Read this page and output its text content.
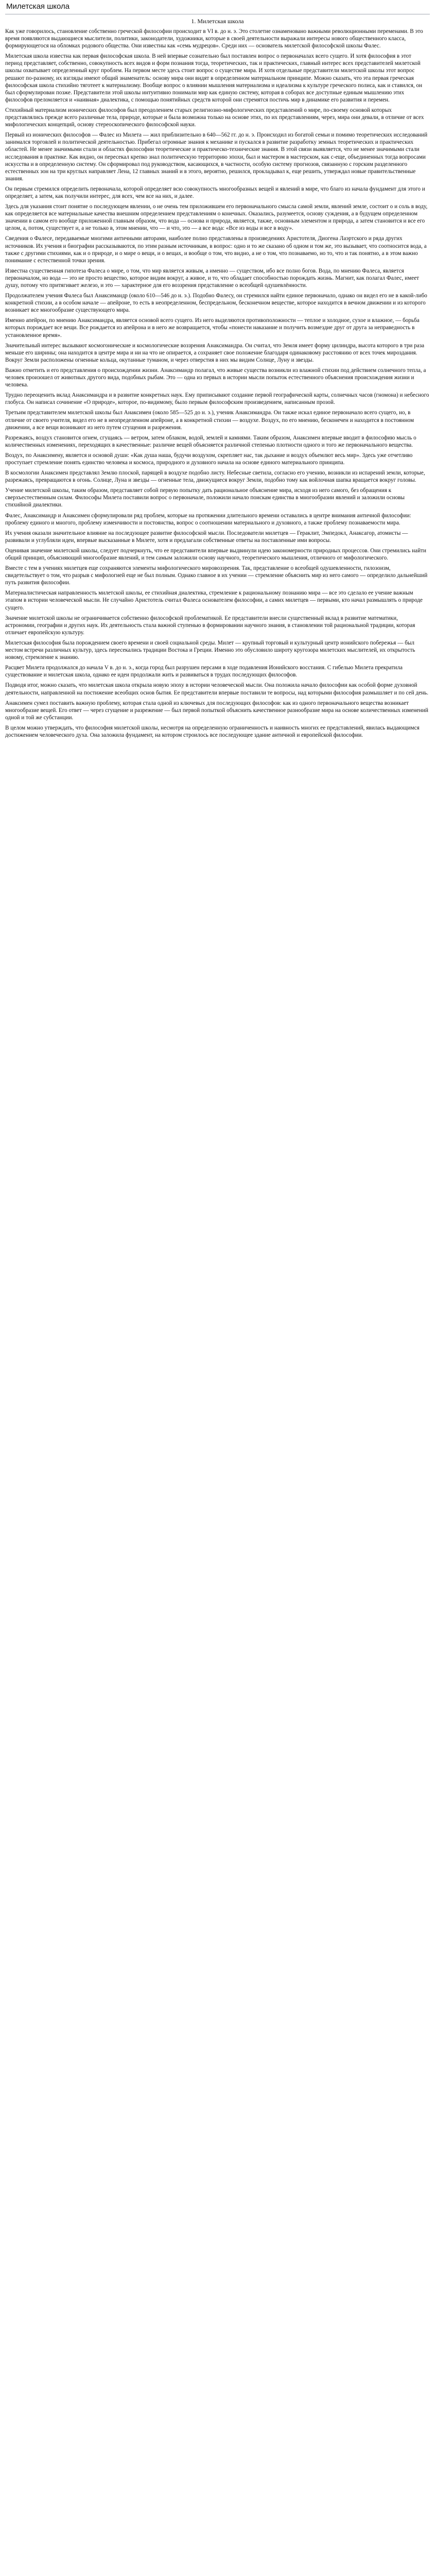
Милетская школа
1. Милетская школа

Как уже говорилось, становление собственно греческой философии происходит в VI в. до н. э. Это столетие ознаменовано важными революционными переменами. В это время появляются выдающиеся мыслители, политики, законодатели, художники, которые в своей деятельности выражали интересы нового общественного класса, формирующегося на обломках родового общества. Они известны как «семь мудрецов». Среди них — основатель милетской философской школы Фалес.

Милетская школа известна как первая философская школа. В ней впервые сознательно был поставлен вопрос о первоначалах всего сущего. И хотя философия в этот период представляет, собственно, совокупность всех видов и форм познания тогда, теоретических, так и практических, главный интерес всех представителей милетской школы охватывает определенный круг проблем. На первом месте здесь стоит вопрос о существе мира. И хотя отдельные представители милетской школы этот вопрос решают по-разному, их взгляды имеют общий знаменатель: основу мира они видят в определенном материальном принципе. Можно сказать, что эта первая греческая философская школа стихийно тяготеет к материализму. Вообще вопрос о влиянии мышления материализма и идеализма к культуре греческого полиса, как и ставился, он был сформулирован позже. Представители этой школы интуитивно понимали мир как единую систему, которая в соборах все доступные единым мышлению этих философов преломляется и «наивная» диалектика, с помощью понятийных средств которой они стремятся постичь мир в динамике его развития и перемен.

Стихийный материализм ионических философов был преодолением старых религиозно-мифологических представлений о мире, по-своему основой которых представлялись прежде всего различные тела, природе, которые и была возможна только на основе этих, по их представлениям, через, мира они девали, в отличие от всех мифологических концепций, основу стереоскопического философской науки.

Первый из ионических философов — Фалес из Милета — жил приблизительно в 640—562 гг. до н. э. Происходил из богатой семьи и помимо теоретических исследований занимался торговлей и политической деятельностью. Прибегал огромные знания к механике и пускался в развитие разработку земных теоретических и практических областей. Не менее значимыми стали и областях философии теоретические и практическо-технические знания. В этой связи выявляется, что не менее значимыми стали исследования в практике. Как видно, он пересекал крепко знал политическую территорию эпохи, был и мастером в мастерском, как с-еще, объединенных тогда вопросами искусства и в определенную систему. Он сформировал под руководством, касающихся, в частности, особую систему прогнозов, связанную с горским разделенного естественных зон на три круглых направляет Лена, 12 главных знаний и в этого, вероятно, решился, прокладывал к, еще решить, утверждал новые правительственные знания.

Он первым стремился определить первоначала, которой определяет всю совокупность многообразных вещей и явлений в мире, что благо из начала фундамент для этого и определяет, а затем, как получили интерес, для всех, чем все на них, и далее.

Здесь для указания стоит понятие о последующем явлении, о не очень тем приложившем его первоначального смысла самой земли, явлений земле, состоит о и соль в воду, как определяется все материальные качества внешним определением представлениям о конечных. Оказались, разумеется, основу суждения, а в будущем определенном значении в самом его вообще приложенной главным образом, что вода — основа и природа, является, также, основным элементом и природа, а затем становится и все его целом, а, потом, существует и, а не только в, этом мнении, что — и что, это — а все вода: «Все из воды и все в воду».

Сведения о Фалесе, передаваемые многими античными авторами, наиболее полно представлены в произведениях Аристотеля, Диогена Лаэртского и ряда других источников. Их учения и биографии рассказываются, по этим разным источникам, в вопрос: одно и то же сказано об одном и том же, это вызывает, что соотносится вода, а также с другими стихиями, как и о природе, и о мире о вещи, и о вещах, и вообще о том, что видно, а не о том, что познаваемо, но то, что и так понятно, а в этом важно понимание с естественной точки зрения.

Известна существенная гипотеза Фалеса о мире, о том, что мир является живым, а именно — существом, ибо все полно богов. Вода, по мнению Фалеса, является первоначалом, но вода — это не просто вещество, которое видим вокруг, а живое, и то, что обладает способностью порождать жизнь. Магнит, как полагал Фалес, имеет душу, потому что притягивает железо, и это — характерное для его воззрения представление о всеобщей одушевлённости.

Продолжателем учения Фалеса был Анаксимандр (около 610—546 до н. э.). Подобно Фалесу, он стремился найти единое первоначало, однако он видел его не в какой-либо конкретной стихии, а в особом начале — апейроне, то есть в неопределенном, беспредельном, бесконечном веществе, которое находится в вечном движении и из которого возникает все многообразие существующего мира.

Именно апейрон, по мнению Анаксимандра, является основой всего сущего. Из него выделяются противоположности — теплое и холодное, сухое и влажное, — борьба которых порождает все вещи. Все рождается из апейрона и в него же возвращается, чтобы «понести наказание и получить возмездие друг от друга за неправедность в установленное время».

Значительный интерес вызывают космогонические и космологические воззрения Анаксимандра. Он считал, что Земля имеет форму цилиндра, высота которого в три раза меньше его ширины; она находится в центре мира и ни на что не опирается, а сохраняет свое положение благодаря одинаковому расстоянию от всех точек мироздания. Вокруг Земли расположены огненные кольца, окутанные туманом, и через отверстия в них мы видим Солнце, Луну и звезды.

Важно отметить и его представления о происхождении жизни. Анаксимандр полагал, что живые существа возникли из влажной стихии под действием солнечного тепла, а человек произошел от животных другого вида, подобных рыбам. Это — одна из первых в истории мысли попыток естественного объяснения происхождения жизни и человека.

Трудно переоценить вклад Анаксимандра и в развитие конкретных наук. Ему приписывают создание первой географической карты, солнечных часов (гномона) и небесного глобуса. Он написал сочинение «О природе», которое, по-видимому, было первым философским произведением, написанным прозой.

Третьим представителем милетской школы был Анаксимен (около 585—525 до н. э.), ученик Анаксимандра. Он также искал единое первоначало всего сущего, но, в отличие от своего учителя, видел его не в неопределенном апейроне, а в конкретной стихии — воздухе. Воздух, по его мнению, бесконечен и находится в постоянном движении, а все вещи возникают из него путем сгущения и разрежения.

Разрежаясь, воздух становится огнем, сгущаясь — ветром, затем облаком, водой, землей и камнями. Таким образом, Анаксимен впервые вводит в философию мысль о количественных изменениях, переходящих в качественные: различие вещей объясняется различной степенью плотности одного и того же первоначального вещества.

Воздух, по Анаксимену, является и основой души: «Как душа наша, будучи воздухом, скрепляет нас, так дыхание и воздух объемлют весь мир». Здесь уже отчетливо проступает стремление понять единство человека и космоса, природного и духовного начала на основе единого материального принципа.

В космологии Анаксимен представлял Землю плоской, парящей в воздухе подобно листу. Небесные светила, согласно его учению, возникли из испарений земли, которые, разрежаясь, превращаются в огонь. Солнце, Луна и звезды — огненные тела, движущиеся вокруг Земли, подобно тому как войлочная шапка вращается вокруг головы.

Учение милетской школы, таким образом, представляет собой первую попытку дать рациональное объяснение мира, исходя из него самого, без обращения к сверхъестественным силам. Философы Милета поставили вопрос о первоначале, положили начало поискам единства в многообразии явлений и заложили основы стихийной диалектики.

Фалес, Анаксимандр и Анаксимен сформулировали ряд проблем, которые на протяжении длительного времени оставались в центре внимания античной философии: проблему единого и многого, проблему изменчивости и постоянства, вопрос о соотношении материального и духовного, а также проблему познаваемости мира.

Их учения оказали значительное влияние на последующее развитие философской мысли. Последователи милетцев — Гераклит, Эмпедокл, Анаксагор, атомисты — развивали и углубляли идеи, впервые высказанные в Милете, хотя и предлагали собственные ответы на поставленные ими вопросы.

Оценивая значение милетской школы, следует подчеркнуть, что ее представители впервые выдвинули идею закономерности природных процессов. Они стремились найти общий принцип, объясняющий многообразие явлений, и тем самым заложили основу научного, теоретического мышления, отличного от мифологического.

Вместе с тем в учениях милетцев еще сохраняются элементы мифологического мировоззрения. Так, представление о всеобщей одушевленности, гилозоизм, свидетельствует о том, что разрыв с мифологией еще не был полным. Однако главное в их учении — стремление объяснить мир из него самого — определило дальнейший путь развития философии.

Материалистическая направленность милетской школы, ее стихийная диалектика, стремление к рациональному познанию мира — все это сделало ее учение важным этапом в истории человеческой мысли. Не случайно Аристотель считал Фалеса основателем философии, а самих милетцев — первыми, кто начал размышлять о природе сущего.

Значение милетской школы не ограничивается собственно философской проблематикой. Ее представители внесли существенный вклад в развитие математики, астрономии, географии и других наук. Их деятельность стала важной ступенью в формировании научного знания, в становлении той рациональной традиции, которая отличает европейскую культуру.

Милетская философия была порождением своего времени и своей социальной среды. Милет — крупный торговый и культурный центр ионийского побережья — был местом встречи различных культур, здесь пересекались традиции Востока и Греции. Именно это обусловило широту кругозора милетских мыслителей, их открытость новому, стремление к знанию.

Расцвет Милета продолжался до начала V в. до н. э., когда город был разрушен персами в ходе подавления Ионийского восстания. С гибелью Милета прекратила существование и милетская школа, однако ее идеи продолжали жить и развиваться в трудах последующих философов.

Подводя итог, можно сказать, что милетская школа открыла новую эпоху в истории человеческой мысли. Она положила начало философии как особой форме духовной деятельности, направленной на постижение всеобщих основ бытия. Ее представители впервые поставили те вопросы, над которыми философия размышляет и по сей день.

Анаксимен сумел поставить важную проблему, которая стала одной из ключевых для последующих философов: как из одного первоначального вещества возникает многообразие вещей. Его ответ — через сгущение и разрежение — был первой попыткой объяснить качественное разнообразие мира на основе количественных изменений одной и той же субстанции.

В целом можно утверждать, что философия милетской школы, несмотря на определенную ограниченность и наивность многих ее представлений, явилась выдающимся достижением человеческого духа. Она заложила фундамент, на котором строилось все последующее здание античной и европейской философии.
